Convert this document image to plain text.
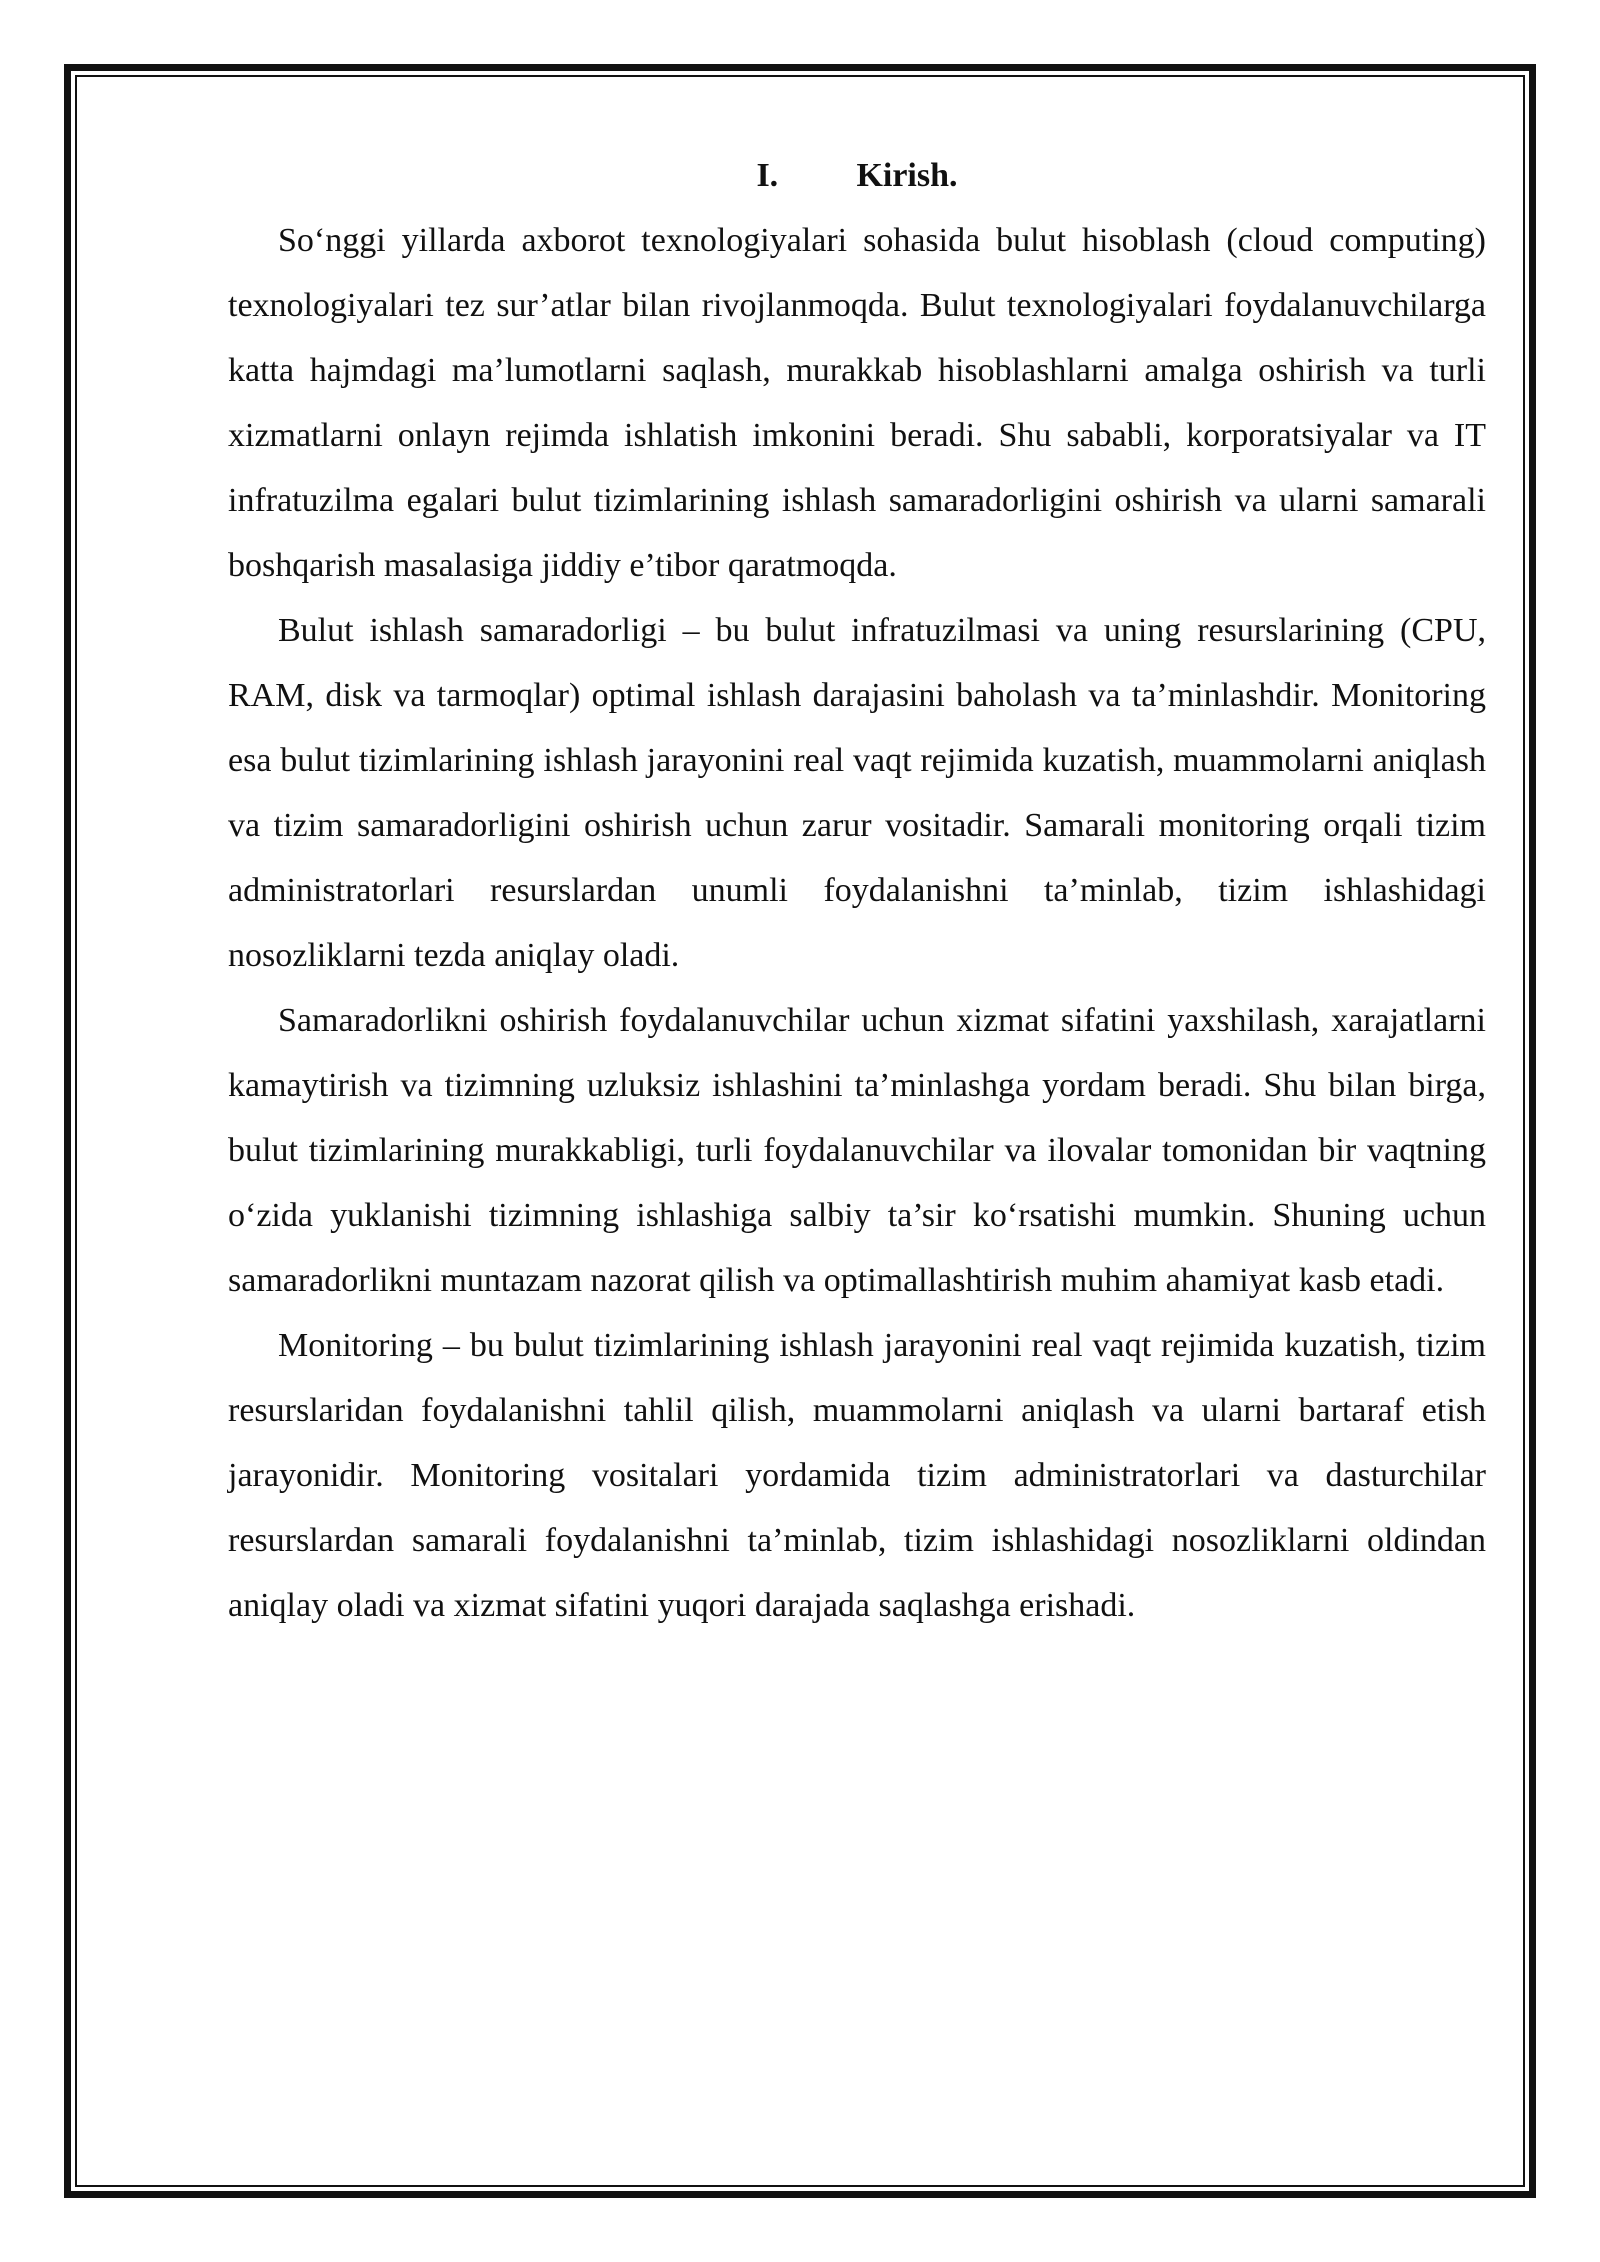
I. Kirish.

So‘nggi yillarda axborot texnologiyalari sohasida bulut hisoblash (cloud computing) texnologiyalari tez sur’atlar bilan rivojlanmoqda. Bulut texnologiyalari foydalanuvchilarga katta hajmdagi ma’lumotlarni saqlash, murakkab hisoblashlarni amalga oshirish va turli xizmatlarni onlayn rejimda ishlatish imkonini beradi. Shu sababli, korporatsiyalar va IT infratuzilma egalari bulut tizimlarining ishlash samaradorligini oshirish va ularni samarali boshqarish masalasiga jiddiy e’tibor qaratmoqda.

Bulut ishlash samaradorligi – bu bulut infratuzilmasi va uning resurslarining (CPU, RAM, disk va tarmoqlar) optimal ishlash darajasini baholash va ta’minlashdir. Monitoring esa bulut tizimlarining ishlash jarayonini real vaqt rejimida kuzatish, muammolarni aniqlash va tizim samaradorligini oshirish uchun zarur vositadir. Samarali monitoring orqali tizim administratorlari resurslardan unumli foydalanishni ta’minlab, tizim ishlashidagi nosozliklarni tezda aniqlay oladi.

Samaradorlikni oshirish foydalanuvchilar uchun xizmat sifatini yaxshilash, xarajatlarni kamaytirish va tizimning uzluksiz ishlashini ta’minlashga yordam beradi. Shu bilan birga, bulut tizimlarining murakkabligi, turli foydalanuvchilar va ilovalar tomonidan bir vaqtning o‘zida yuklanishi tizimning ishlashiga salbiy ta’sir ko‘rsatishi mumkin. Shuning uchun samaradorlikni muntazam nazorat qilish va optimallashtirish muhim ahamiyat kasb etadi.

Monitoring – bu bulut tizimlarining ishlash jarayonini real vaqt rejimida kuzatish, tizim resurslaridan foydalanishni tahlil qilish, muammolarni aniqlash va ularni bartaraf etish jarayonidir. Monitoring vositalari yordamida tizim administratorlari va dasturchilar resurslardan samarali foydalanishni ta’minlab, tizim ishlashidagi nosozliklarni oldindan aniqlay oladi va xizmat sifatini yuqori darajada saqlashga erishadi.
